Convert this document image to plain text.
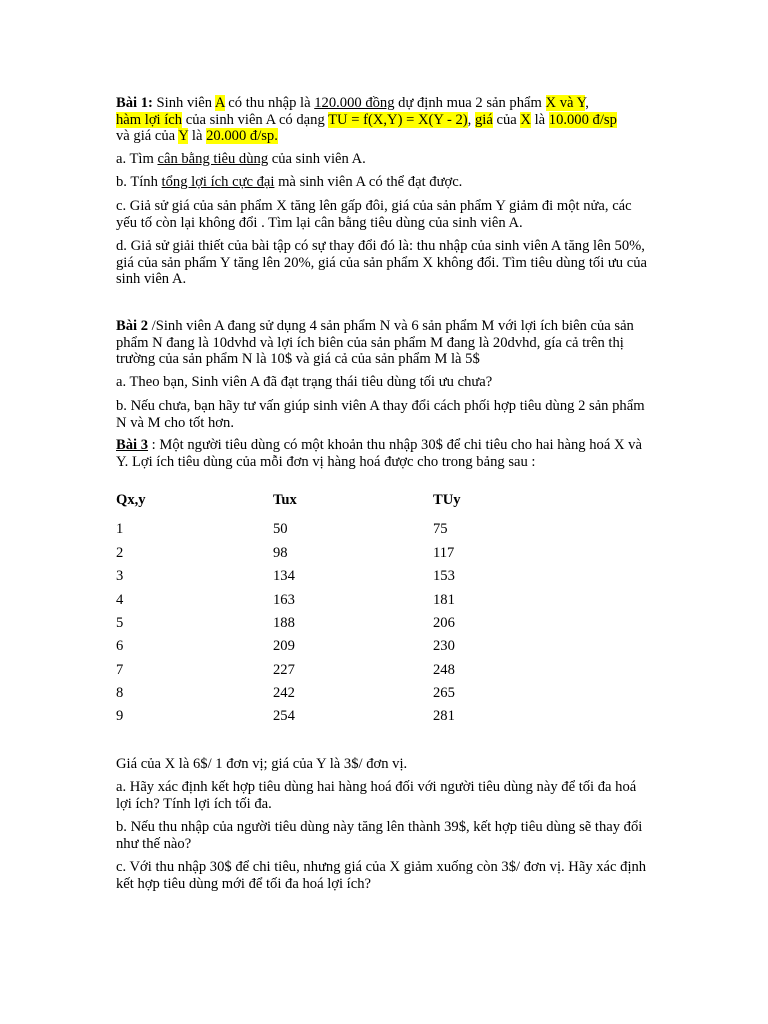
Bài 1: Sinh viên A có thu nhập là 120.000 đồng dự định mua 2 sản phẩm X và Y,
hàm lợi ích của sinh viên A có dạng TU = f(X,Y) = X(Y - 2), giá của X là 10.000 đ/sp
và giá của Y là 20.000 đ/sp.

a. Tìm cân bằng tiêu dùng của sinh viên A.

b. Tính tổng lợi ích cực đại mà sinh viên A có thể đạt được.

c. Giả sử giá của sản phẩm X tăng lên gấp đôi, giá của sản phẩm Y giảm đi một nửa, các yếu tố còn lại không đổi . Tìm lại cân bằng tiêu dùng của sinh viên A.

d. Giả sử giải thiết của bài tập có sự thay đổi đó là: thu nhập của sinh viên A tăng lên 50%, giá của sản phẩm Y tăng lên 20%, giá của sản phẩm X không đổi. Tìm tiêu dùng tối ưu của sinh viên A.

Bài 2 /Sinh viên A đang sử dụng 4 sản phẩm N và 6 sản phẩm M với lợi ích biên của sản phẩm N đang là 10dvhd và lợi ích biên của sản phẩm M đang là 20dvhd, gía cả trên thị trường của sản phẩm N là 10$ và giá cả của sản phẩm M là 5$

a. Theo bạn, Sinh viên A đã đạt trạng thái tiêu dùng tối ưu chưa?

b. Nếu chưa, bạn hãy tư vấn giúp sinh viên A thay đổi cách phối hợp tiêu dùng 2 sản phẩm N và M cho tốt hơn.

Bài 3 : Một người tiêu dùng có một khoản thu nhập 30$ để chi tiêu cho hai hàng hoá X và Y. Lợi ích tiêu dùng của mỗi đơn vị hàng hoá được cho trong bảng sau :

Qx,y	Tux	TUy
1	50	75
2	98	117
3	134	153
4	163	181
5	188	206
6	209	230
7	227	248
8	242	265
9	254	281

Giá của X là 6$/ 1 đơn vị; giá của Y là 3$/ đơn vị.

a. Hãy xác định kết hợp tiêu dùng hai hàng hoá đối với người tiêu dùng này để tối đa hoá lợi ích? Tính lợi ích tối đa.

b. Nếu thu nhập của người tiêu dùng này tăng lên thành 39$, kết hợp tiêu dùng sẽ thay đổi như thế nào?

c. Với thu nhập 30$ để chi tiêu, nhưng giá của X giảm xuống còn 3$/ đơn vị. Hãy xác định kết hợp tiêu dùng mới để tối đa hoá lợi ích?
